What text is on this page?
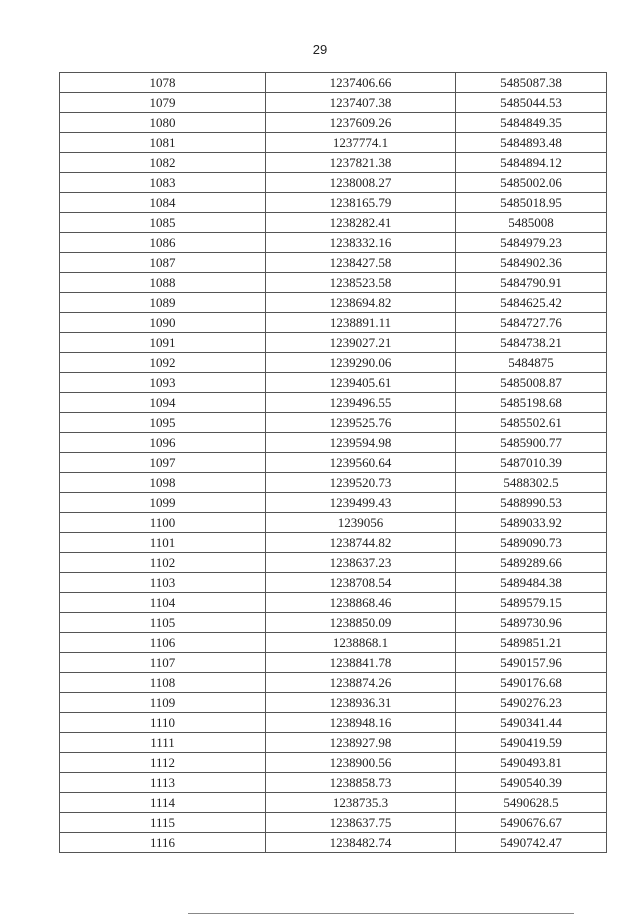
29
1078	1237406.66	5485087.38
1079	1237407.38	5485044.53
1080	1237609.26	5484849.35
1081	1237774.1	5484893.48
1082	1237821.38	5484894.12
1083	1238008.27	5485002.06
1084	1238165.79	5485018.95
1085	1238282.41	5485008
1086	1238332.16	5484979.23
1087	1238427.58	5484902.36
1088	1238523.58	5484790.91
1089	1238694.82	5484625.42
1090	1238891.11	5484727.76
1091	1239027.21	5484738.21
1092	1239290.06	5484875
1093	1239405.61	5485008.87
1094	1239496.55	5485198.68
1095	1239525.76	5485502.61
1096	1239594.98	5485900.77
1097	1239560.64	5487010.39
1098	1239520.73	5488302.5
1099	1239499.43	5488990.53
1100	1239056	5489033.92
1101	1238744.82	5489090.73
1102	1238637.23	5489289.66
1103	1238708.54	5489484.38
1104	1238868.46	5489579.15
1105	1238850.09	5489730.96
1106	1238868.1	5489851.21
1107	1238841.78	5490157.96
1108	1238874.26	5490176.68
1109	1238936.31	5490276.23
1110	1238948.16	5490341.44
1111	1238927.98	5490419.59
1112	1238900.56	5490493.81
1113	1238858.73	5490540.39
1114	1238735.3	5490628.5
1115	1238637.75	5490676.67
1116	1238482.74	5490742.47
